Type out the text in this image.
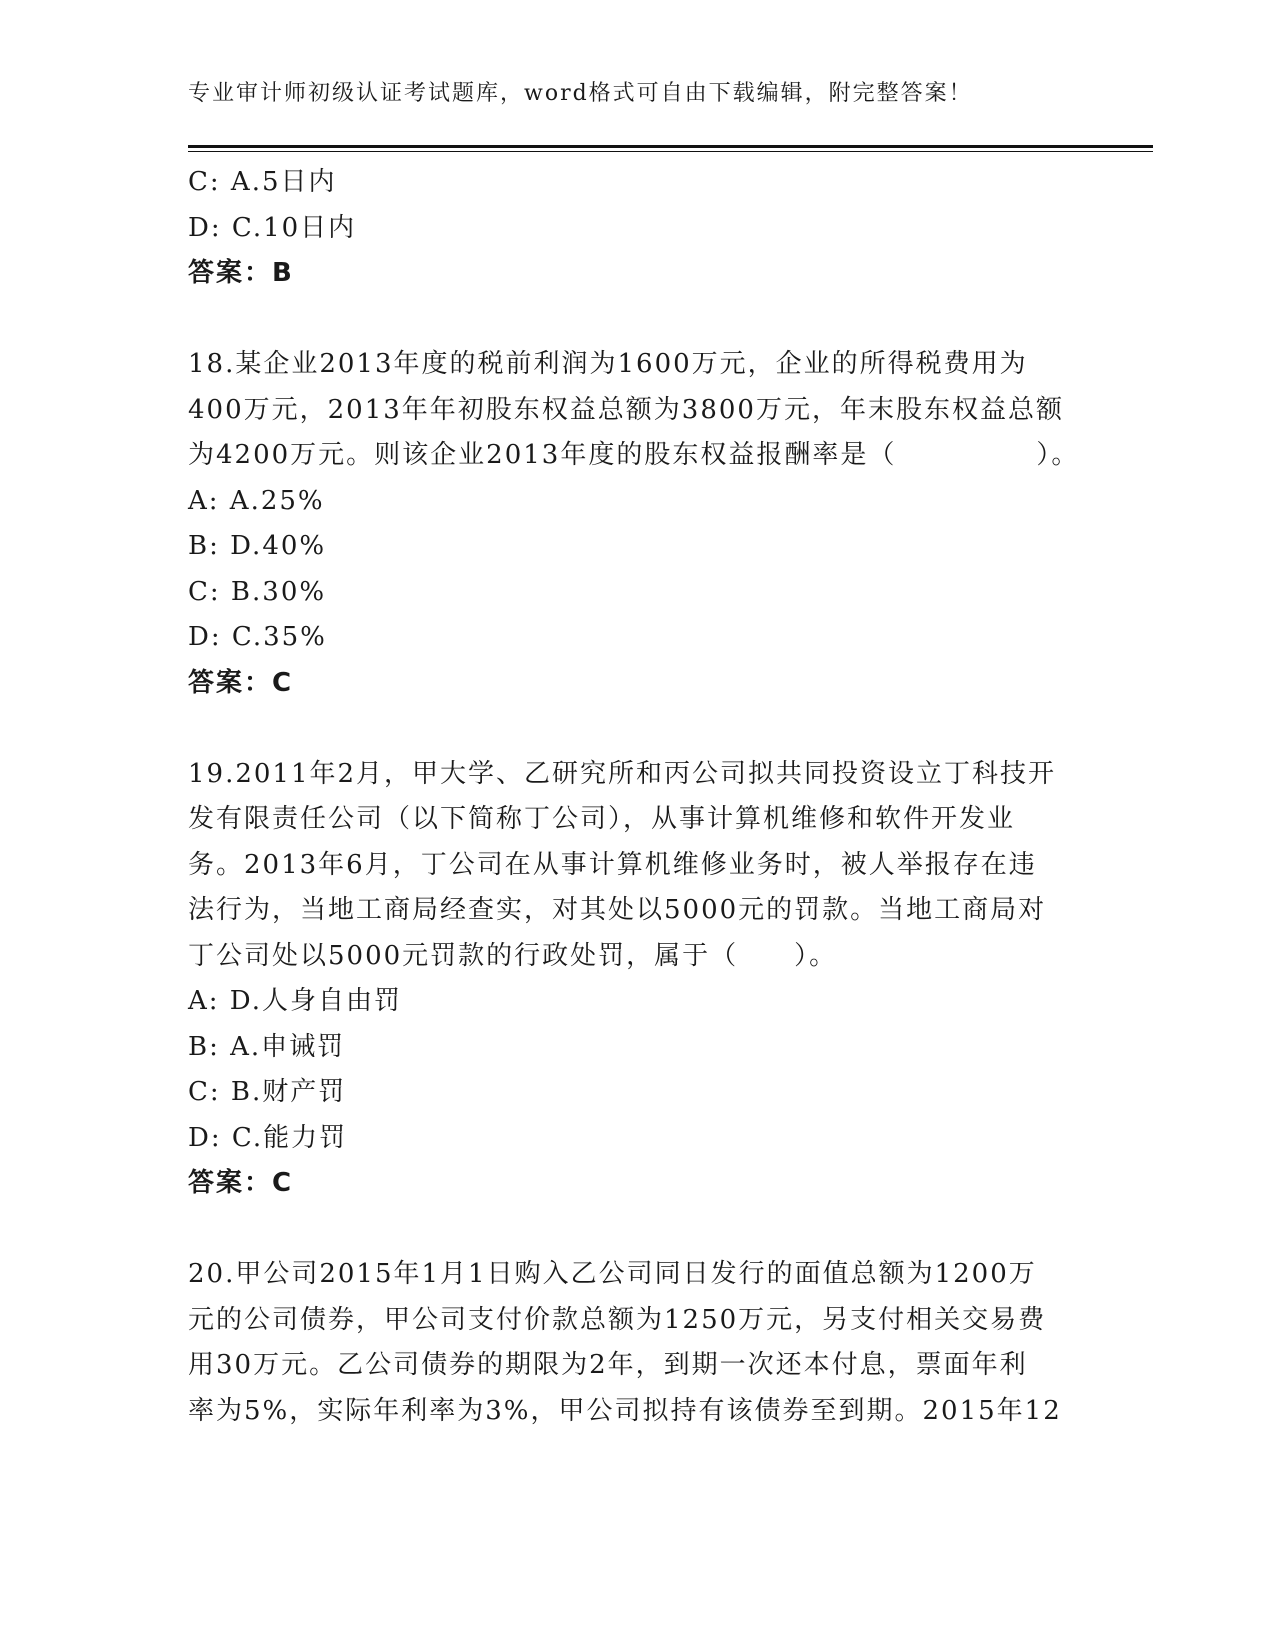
专业审计师初级认证考试题库，word格式可自由下载编辑，附完整答案！
C: A.5日内
D: C.10日内
答案：B
18.某企业2013年度的税前利润为1600万元，企业的所得税费用为
400万元，2013年年初股东权益总额为3800万元，年末股东权益总额
为4200万元。则该企业2013年度的股东权益报酬率是（　　　　　）。
A: A.25%
B: D.40%
C: B.30%
D: C.35%
答案：C
19.2011年2月，甲大学、乙研究所和丙公司拟共同投资设立丁科技开
发有限责任公司（以下简称丁公司），从事计算机维修和软件开发业
务。2013年6月，丁公司在从事计算机维修业务时，被人举报存在违
法行为，当地工商局经查实，对其处以5000元的罚款。当地工商局对
丁公司处以5000元罚款的行政处罚，属于（　　）。
A: D.人身自由罚
B: A.申诫罚
C: B.财产罚
D: C.能力罚
答案：C
20.甲公司2015年1月1日购入乙公司同日发行的面值总额为1200万
元的公司债券，甲公司支付价款总额为1250万元，另支付相关交易费
用30万元。乙公司债券的期限为2年，到期一次还本付息，票面年利
率为5%，实际年利率为3%，甲公司拟持有该债券至到期。2015年12
